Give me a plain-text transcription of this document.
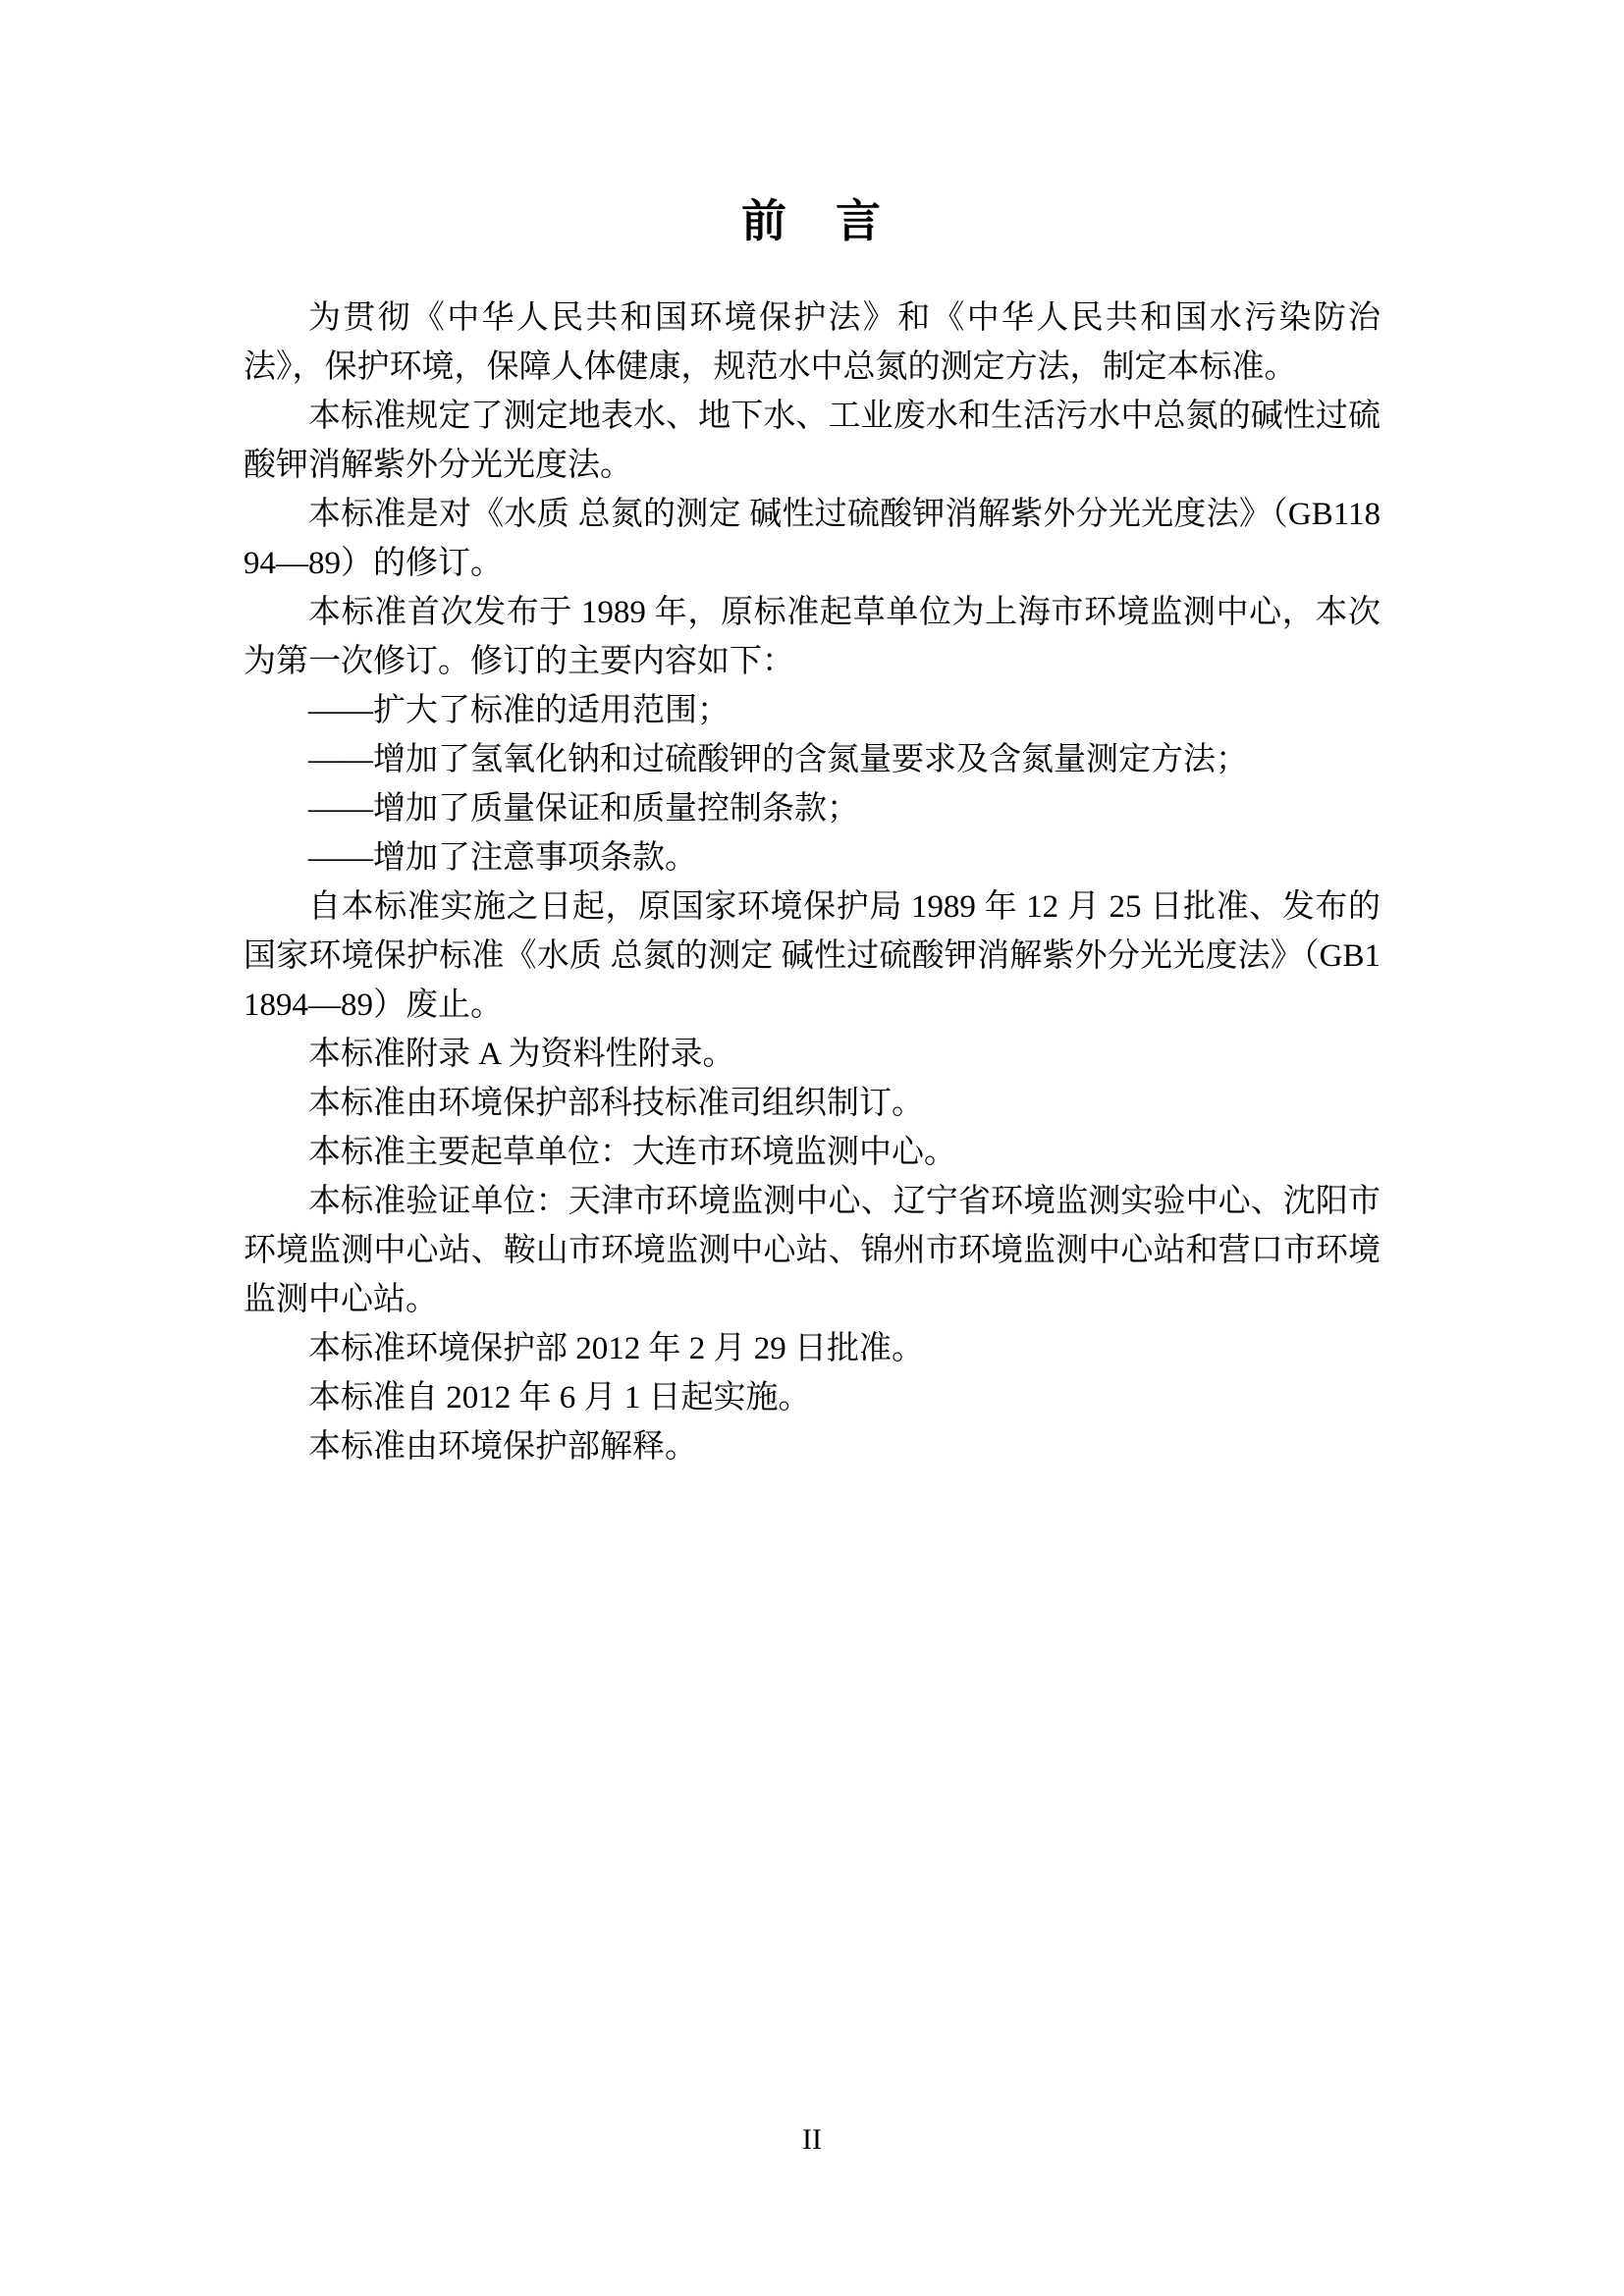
前　言

为贯彻《中华人民共和国环境保护法》和《中华人民共和国水污染防治法》，保护环境，保障人体健康，规范水中总氮的测定方法，制定本标准。

本标准规定了测定地表水、地下水、工业废水和生活污水中总氮的碱性过硫酸钾消解紫外分光光度法。

本标准是对《水质 总氮的测定 碱性过硫酸钾消解紫外分光光度法》（GB11894—89）的修订。

本标准首次发布于 1989 年，原标准起草单位为上海市环境监测中心，本次为第一次修订。修订的主要内容如下：

——扩大了标准的适用范围；

——增加了氢氧化钠和过硫酸钾的含氮量要求及含氮量测定方法；

——增加了质量保证和质量控制条款；

——增加了注意事项条款。

自本标准实施之日起，原国家环境保护局 1989 年 12 月 25 日批准、发布的国家环境保护标准《水质 总氮的测定 碱性过硫酸钾消解紫外分光光度法》（GB11894—89）废止。

本标准附录 A 为资料性附录。

本标准由环境保护部科技标准司组织制订。

本标准主要起草单位：大连市环境监测中心。

本标准验证单位：天津市环境监测中心、辽宁省环境监测实验中心、沈阳市环境监测中心站、鞍山市环境监测中心站、锦州市环境监测中心站和营口市环境监测中心站。

本标准环境保护部 2012 年 2 月 29 日批准。

本标准自 2012 年 6 月 1 日起实施。

本标准由环境保护部解释。

II
